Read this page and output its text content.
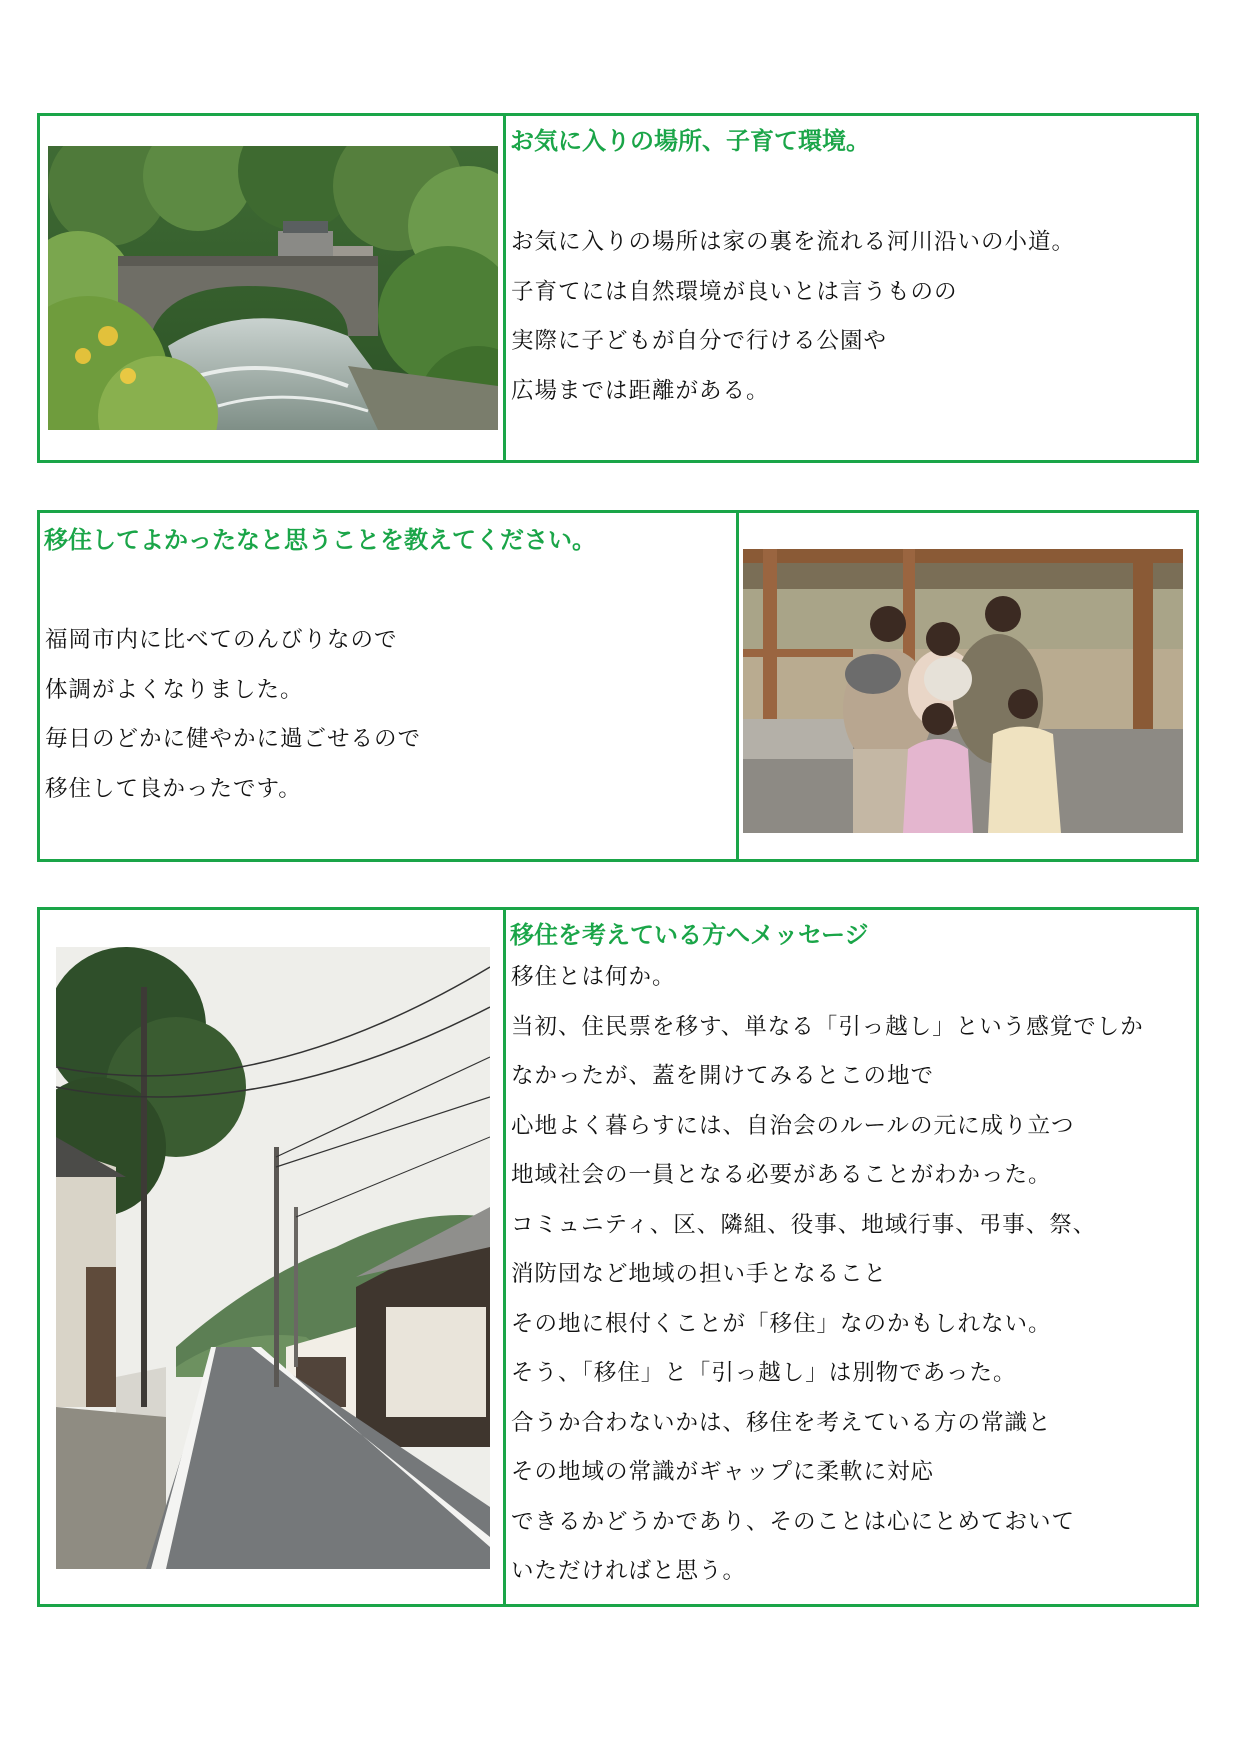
お気に入りの場所、子育て環境。
お気に入りの場所は家の裏を流れる河川沿いの小道。
子育てには自然環境が良いとは言うものの
実際に子どもが自分で行ける公園や
広場までは距離がある。
移住してよかったなと思うことを教えてください。
福岡市内に比べてのんびりなので
体調がよくなりました。
毎日のどかに健やかに過ごせるので
移住して良かったです。
移住を考えている方へメッセージ
移住とは何か。
当初、住民票を移す、単なる「引っ越し」という感覚でしか
なかったが、蓋を開けてみるとこの地で
心地よく暮らすには、自治会のルールの元に成り立つ
地域社会の一員となる必要があることがわかった。
コミュニティ、区、隣組、役事、地域行事、弔事、祭、
消防団など地域の担い手となること
その地に根付くことが「移住」なのかもしれない。
そう、「移住」と「引っ越し」は別物であった。
合うか合わないかは、移住を考えている方の常識と
その地域の常識がギャップに柔軟に対応
できるかどうかであり、そのことは心にとめておいて
いただければと思う。
